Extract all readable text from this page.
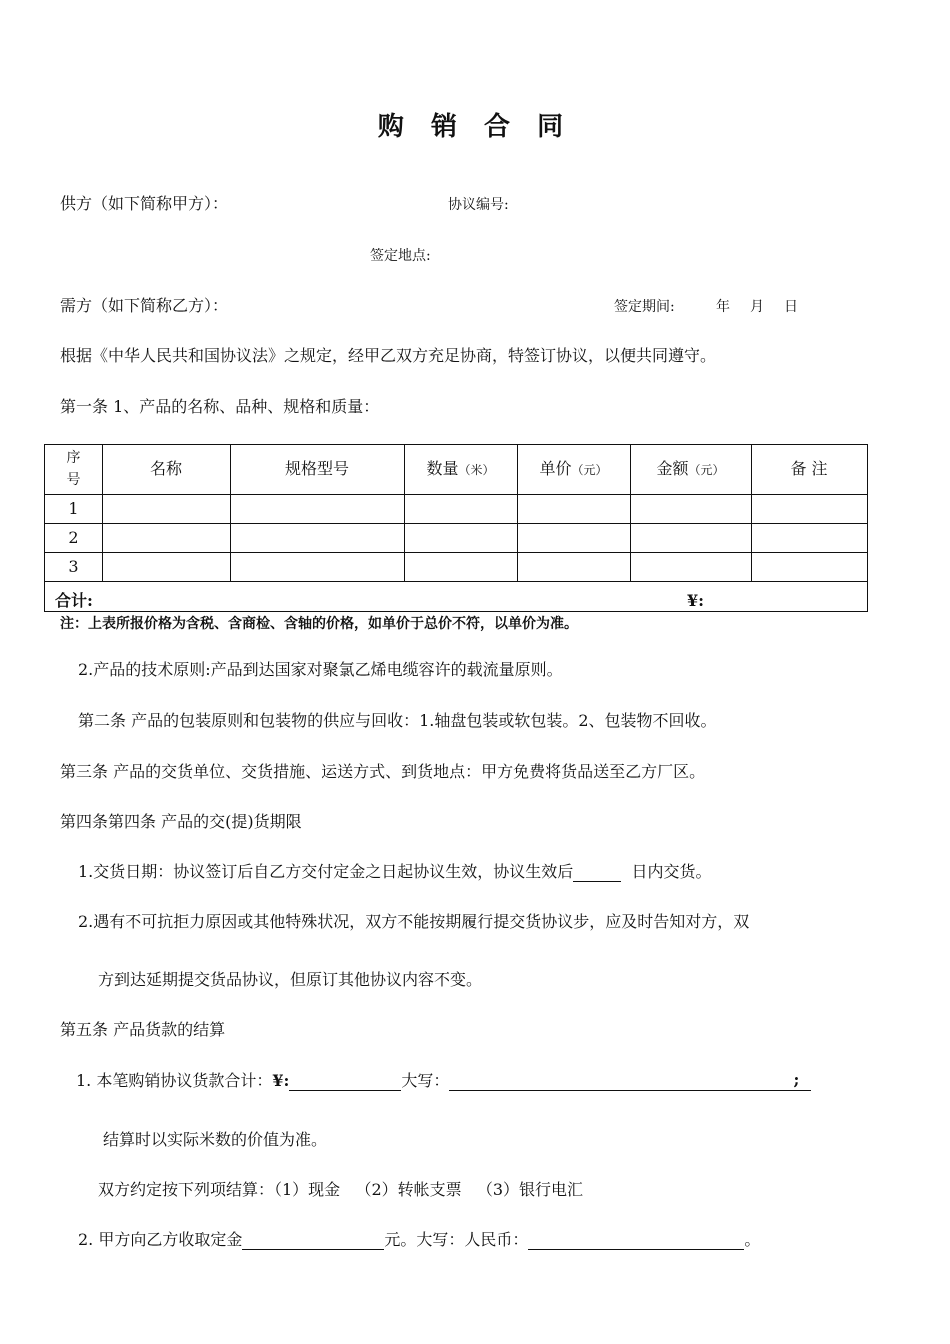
购 销 合 同
供方（如下简称甲方）：	协议编号:
签定地点:
需方（如下简称乙方）：	签定期间:	年 月 日
根据《中华人民共和国协议法》之规定，经甲乙双方充足协商，特签订协议，以便共同遵守。
第一条 1、产品的名称、品种、规格和质量：
序
号
名称	规格型号	数量（米）	单价（元）	金额（元）	备 注
1
2
3
合计:	¥:
注：上表所报价格为含税、含商检、含轴的价格，如单价于总价不符，以单价为准。
2.产品的技术原则:产品到达国家对聚氯乙烯电缆容许的载流量原则。
第二条 产品的包装原则和包装物的供应与回收：1.轴盘包装或软包装。2、包装物不回收。
第三条 产品的交货单位、交货措施、运送方式、到货地点：甲方免费将货品送至乙方厂区。
第四条第四条 产品的交(提)货期限
1.交货日期：协议签订后自乙方交付定金之日起协议生效，协议生效后	日内交货。
2.遇有不可抗拒力原因或其他特殊状况，双方不能按期履行提交货协议步，应及时告知对方，双
方到达延期提交货品协议，但原订其他协议内容不变。
第五条 产品货款的结算
1. 本笔购销协议货款合计：¥:	大写：	;
结算时以实际米数的价值为准。
双方约定按下列项结算：（1）现金   （2）转帐支票   （3）银行电汇
2. 甲方向乙方收取定金	元。大写：人民币：	。
